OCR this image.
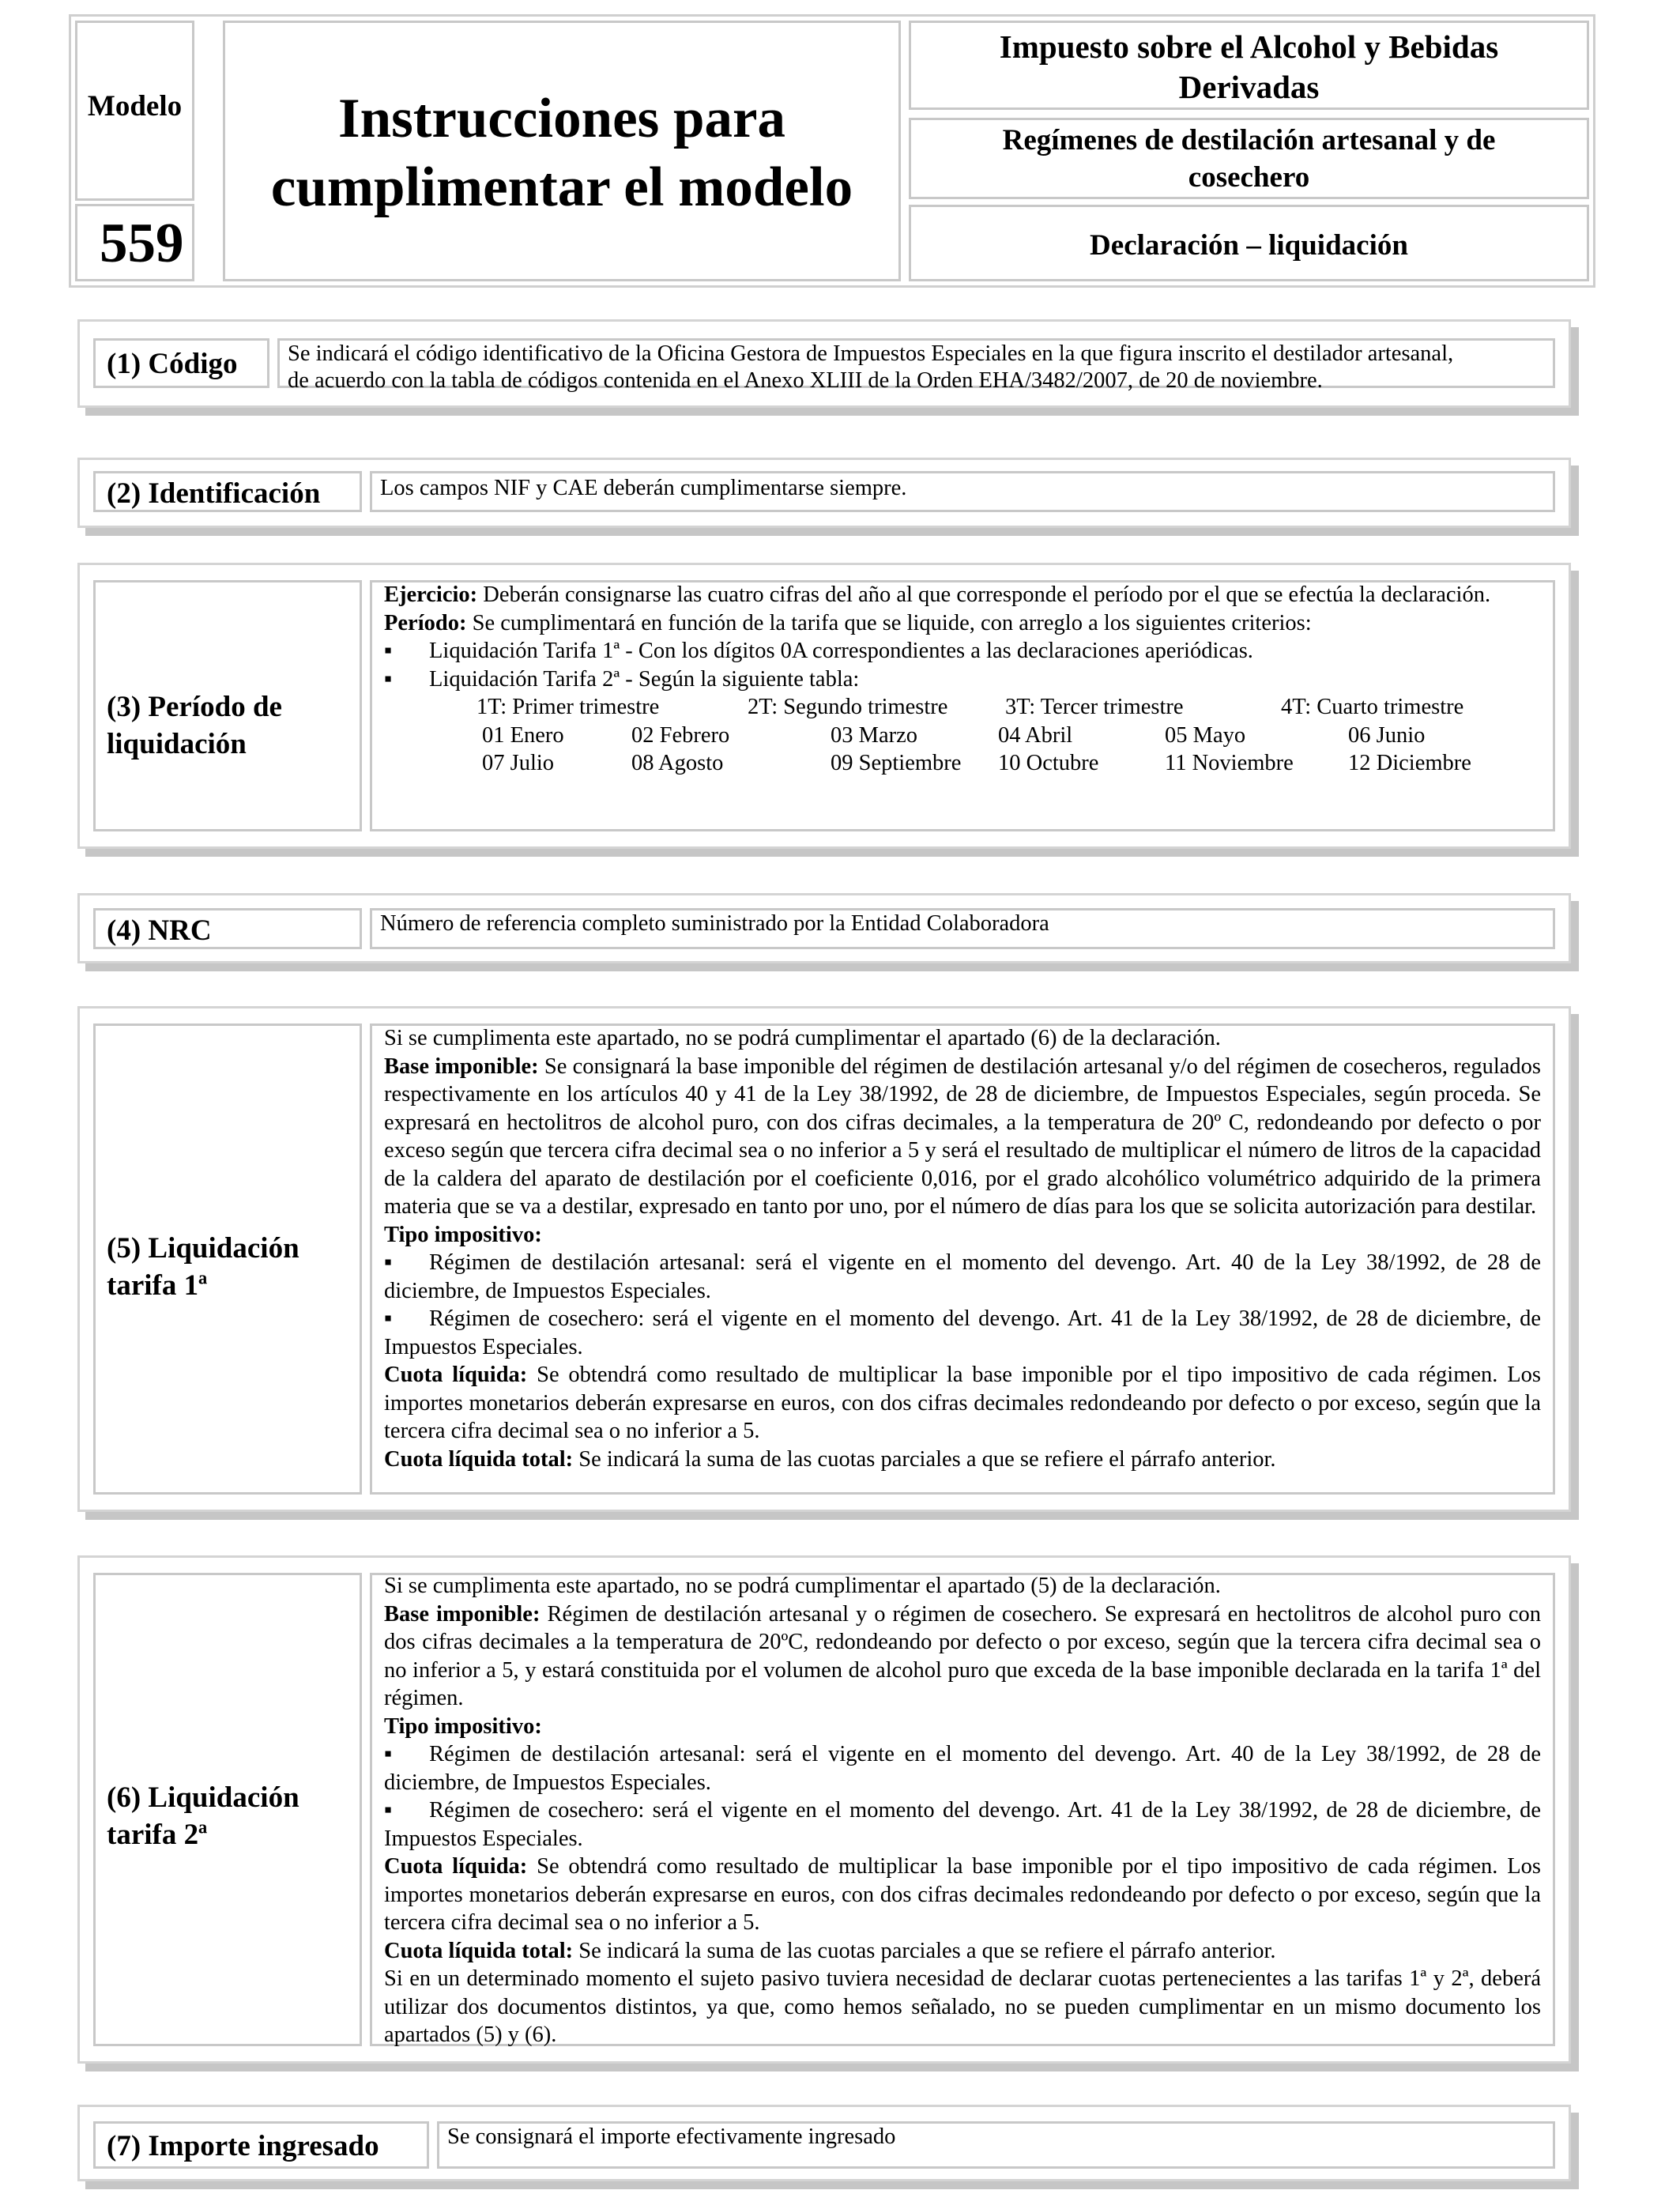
Modelo
559
Instrucciones para
cumplimentar el modelo
Impuesto sobre el Alcohol y Bebidas Derivadas
Regímenes de destilación artesanal y de cosechero
Declaración – liquidación
(1) Código Se indicará el código identificativo de la Oficina Gestora de Impuestos Especiales en la que figura inscrito el destilador artesanal,
de acuerdo con la tabla de códigos contenida en el Anexo XLIII de la Orden EHA/3482/2007, de 20 de noviembre.
(2) Identificación	Los campos NIF y CAE deberán cumplimentarse siempre.
(3) Período de
liquidación

Ejercicio: Deberán consignarse las cuatro cifras del año al que corresponde el período por el que se efectúa la declaración.

Período: Se cumplimentará en función de la tarifa que se liquide, con arreglo a los siguientes criterios:

▪	Liquidación Tarifa 1ª - Con los dígitos 0A correspondientes a las declaraciones aperiódicas.
▪	Liquidación Tarifa 2ª - Según la siguiente tabla:
1T: Primer trimestre	2T: Segundo trimestre	3T: Tercer trimestre	4T: Cuarto trimestre
01 Enero	02 Febrero	03 Marzo	04 Abril	05 Mayo	06 Junio
07 Julio	08 Agosto	09 Septiembre 10 Octubre	11 Noviembre 12 Diciembre
(4) NRC	Número de referencia completo suministrado por la Entidad Colaboradora
(5) Liquidación
tarifa 1ª

Si se cumplimenta este apartado, no se podrá cumplimentar el apartado (6) de la declaración.

Base imponible: Se consignará la base imponible del régimen de destilación artesanal y/o del régimen de cosecheros, regulados respectivamente en los artículos 40 y 41 de la Ley 38/1992, de 28 de diciembre, de Impuestos Especiales, según proceda. Se expresará en hectolitros de alcohol puro, con dos cifras decimales, a la temperatura de 20º C, redondeando por defecto o por exceso según que tercera cifra decimal sea o no inferior a 5 y será el resultado de multiplicar el número de litros de la capacidad de la caldera del aparato de destilación por el coeficiente 0,016, por el grado alcohólico volumétrico adquirido de la primera materia que se va a destilar, expresado en tanto por uno, por el número de días para los que se solicita autorización para destilar.

Tipo impositivo:

▪ Régimen de destilación artesanal: será el vigente en el momento del devengo. Art. 40 de la Ley 38/1992, de 28 de diciembre, de Impuestos Especiales.

▪ Régimen de cosechero: será el vigente en el momento del devengo. Art. 41 de la Ley 38/1992, de 28 de diciembre, de Impuestos Especiales.

Cuota líquida: Se obtendrá como resultado de multiplicar la base imponible por el tipo impositivo de cada régimen. Los importes monetarios deberán expresarse en euros, con dos cifras decimales redondeando por defecto o por exceso, según que la tercera cifra decimal sea o no inferior a 5.

Cuota líquida total: Se indicará la suma de las cuotas parciales a que se refiere el párrafo anterior.

(6) Liquidación
tarifa 2ª

Si se cumplimenta este apartado, no se podrá cumplimentar el apartado (5) de la declaración.

Base imponible: Régimen de destilación artesanal y o régimen de cosechero. Se expresará en hectolitros de alcohol puro con dos cifras decimales a la temperatura de 20ºC, redondeando por defecto o por exceso, según que la tercera cifra decimal sea o no inferior a 5, y estará constituida por el volumen de alcohol puro que exceda de la base imponible declarada en la tarifa 1ª del régimen.

Tipo impositivo:

▪ Régimen de destilación artesanal: será el vigente en el momento del devengo. Art. 40 de la Ley 38/1992, de 28 de diciembre, de Impuestos Especiales.

▪ Régimen de cosechero: será el vigente en el momento del devengo. Art. 41 de la Ley 38/1992, de 28 de diciembre, de Impuestos Especiales.

Cuota líquida: Se obtendrá como resultado de multiplicar la base imponible por el tipo impositivo de cada régimen. Los importes monetarios deberán expresarse en euros, con dos cifras decimales redondeando por defecto o por exceso, según que la tercera cifra decimal sea o no inferior a 5.

Cuota líquida total: Se indicará la suma de las cuotas parciales a que se refiere el párrafo anterior.

Si en un determinado momento el sujeto pasivo tuviera necesidad de declarar cuotas pertenecientes a las tarifas 1ª y 2ª, deberá utilizar dos documentos distintos, ya que, como hemos señalado, no se pueden cumplimentar en un mismo documento los apartados (5) y (6).

(7) Importe ingresado	Se consignará el importe efectivamente ingresado
